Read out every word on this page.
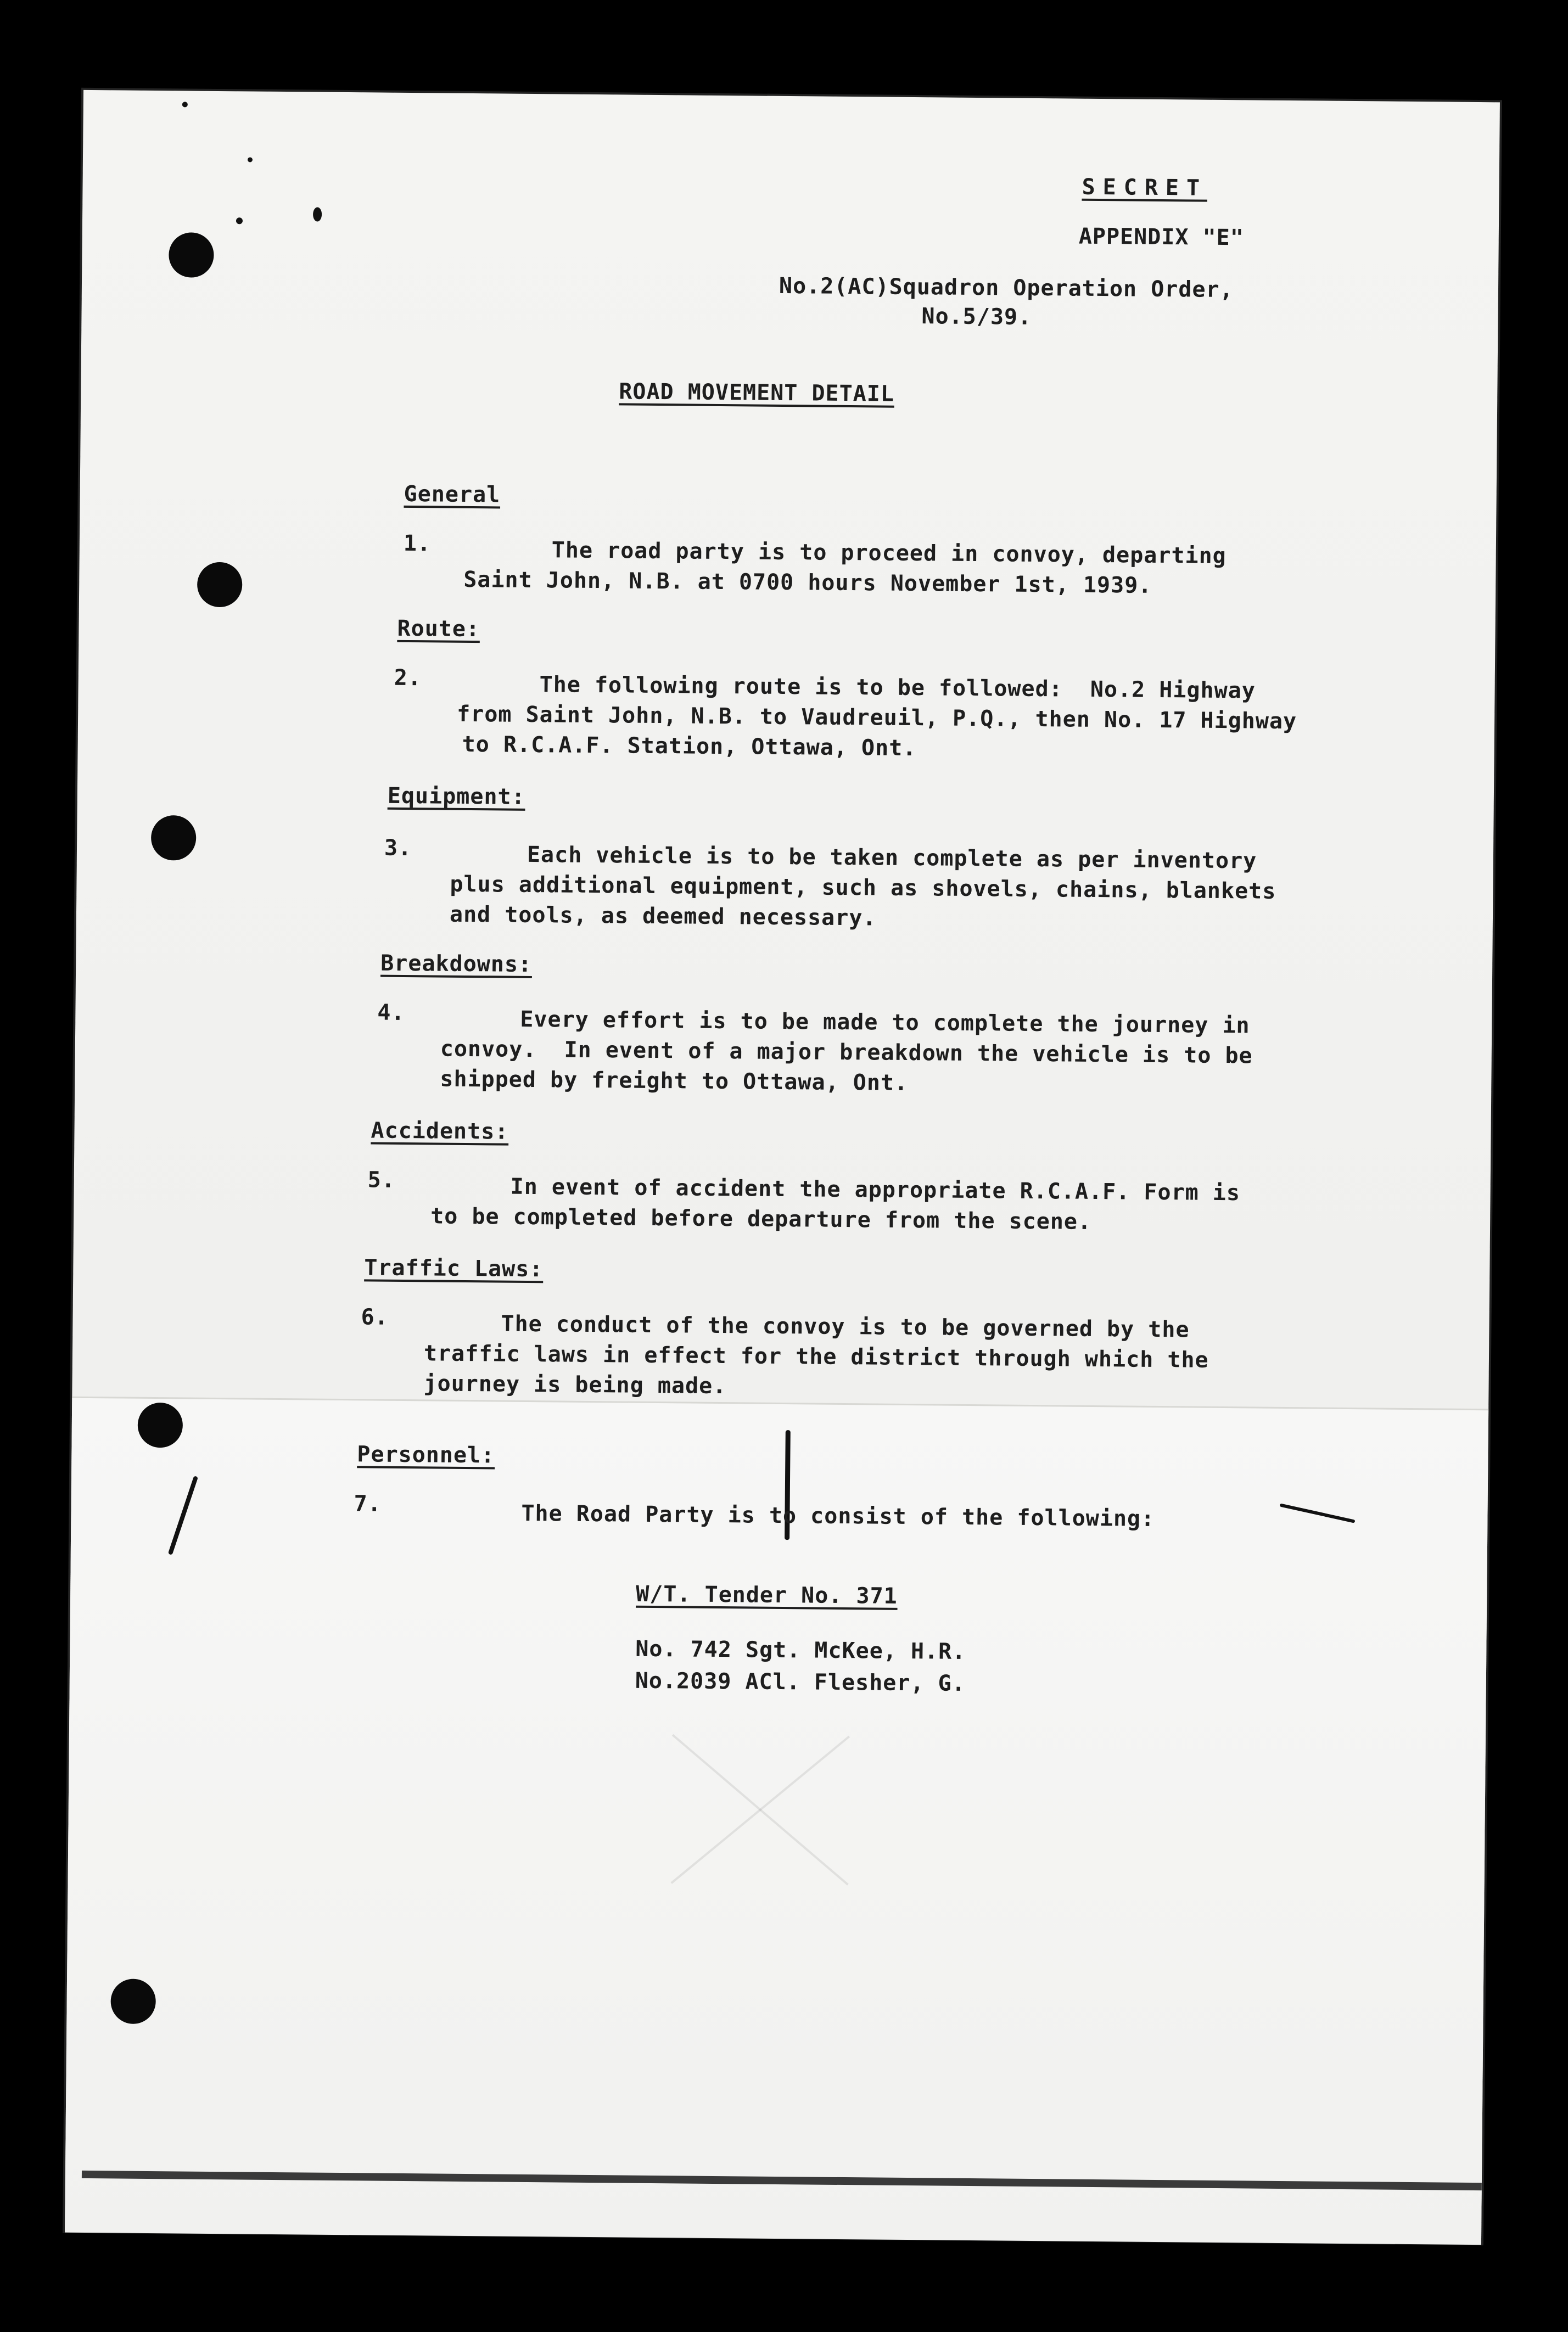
SECRET
APPENDIX "E"
No.2(AC)Squadron Operation Order,
No.5/39.
ROAD MOVEMENT DETAIL
General
1.	The road party is to proceed in convoy, departing
Saint John, N.B. at 0700 hours November 1st, 1939.
Route:
2.	The following route is to be followed:  No.2 Highway
from Saint John, N.B. to Vaudreuil, P.Q., then No. 17 Highway
to R.C.A.F. Station, Ottawa, Ont.
Equipment:
3.	Each vehicle is to be taken complete as per inventory
plus additional equipment, such as shovels, chains, blankets
and tools, as deemed necessary.
Breakdowns:
4.	Every effort is to be made to complete the journey in
convoy.  In event of a major breakdown the vehicle is to be
shipped by freight to Ottawa, Ont.
Accidents:
5.	In event of accident the appropriate R.C.A.F. Form is
to be completed before departure from the scene.
Traffic Laws:
6.	The conduct of the convoy is to be governed by the
traffic laws in effect for the district through which the
journey is being made.
Personnel:
7.	The Road Party is to consist of the following:
W/T. Tender No. 371
No. 742 Sgt. McKee, H.R.
No.2039 ACl. Flesher, G.
